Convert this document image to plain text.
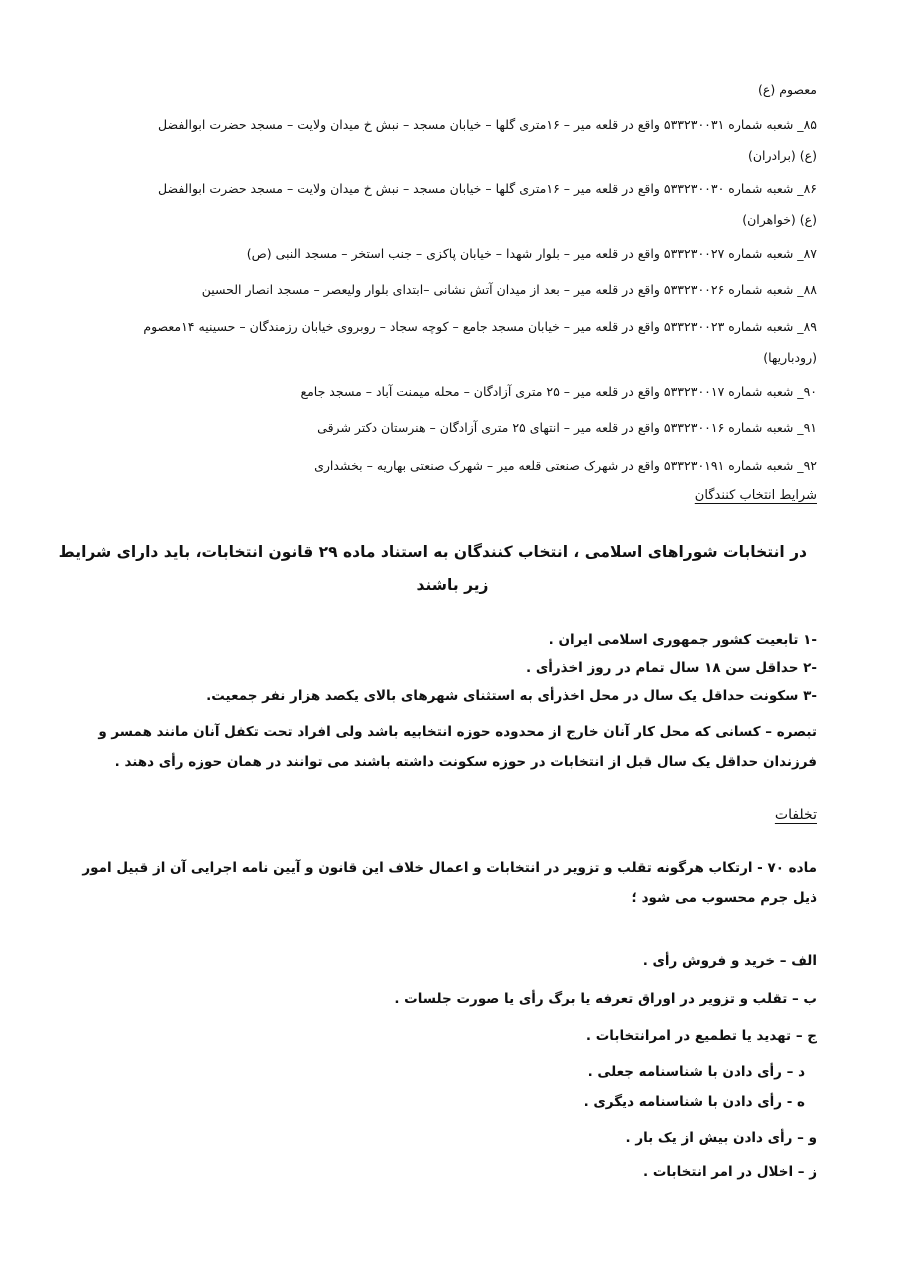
معصوم (ع)
۸۵_ شعبه شماره ۵۳۳۲۳۰۰۳۱ واقع در قلعه میر – ۱۶متری گلها – خیابان مسجد – نبش خ میدان ولایت – مسجد حضرت ابوالفضل
(ع) (برادران)
۸۶_ شعبه شماره ۵۳۳۲۳۰۰۳۰ واقع در قلعه میر – ۱۶متری گلها – خیابان مسجد – نبش خ میدان ولایت – مسجد حضرت ابوالفضل
(ع) (خواهران)
۸۷_ شعبه شماره ۵۳۳۲۳۰۰۲۷ واقع در قلعه میر – بلوار شهدا – خیابان پاکزی – جنب استخر – مسجد النبی (ص)
۸۸_ شعبه شماره ۵۳۳۲۳۰۰۲۶ واقع در قلعه میر – بعد از میدان آتش نشانی –ابتدای بلوار ولیعصر – مسجد انصار الحسین
۸۹_ شعبه شماره ۵۳۳۲۳۰۰۲۳ واقع در قلعه میر – خیابان مسجد جامع – کوچه سجاد – روبروی خیابان رزمندگان – حسینیه ۱۴معصوم
(رودباریها)
۹۰_ شعبه شماره ۵۳۳۲۳۰۰۱۷ واقع در قلعه میر – ۲۵ متری آزادگان – محله میمنت آباد – مسجد جامع
۹۱_ شعبه شماره ۵۳۳۲۳۰۰۱۶ واقع در قلعه میر – انتهای ۲۵ متری آزادگان – هنرستان دکتر شرقی
۹۲_ شعبه شماره ۵۳۳۲۳۰۱۹۱ واقع در شهرک صنعتی قلعه میر – شهرک صنعتی بهاریه – بخشداری
شرایط انتخاب کنندگان
در انتخابات شوراهای اسلامی ، انتخاب کنندگان به استناد ماده ۲۹ قانون انتخابات، باید دارای شرایط
زیر باشند
-۱ تابعیت کشور جمهوری اسلامی ایران .
-۲ حداقل سن ۱۸ سال تمام در روز اخذرأی .
-۳ سکونت حداقل یک سال در محل اخذرأی به استثنای شهرهای بالای یکصد هزار نفر جمعیت.
تبصره – کسانی که محل کار آنان خارج از محدوده حوزه انتخابیه باشد ولی افراد تحت تکفل آنان مانند همسر و
فرزندان حداقل یک سال قبل از انتخابات در حوزه سکونت داشته باشند می توانند در همان حوزه رأی دهند .
تخلفات
ماده ۷۰ - ارتکاب هرگونه تقلب و تزویر در انتخابات و اعمال خلاف این قانون و آیین نامه اجرایی آن از قبیل امور
ذیل جرم محسوب می شود ؛
الف – خرید و فروش رأی .
ب – تقلب و تزویر در اوراق تعرفه یا برگ رأی یا صورت جلسات .
ج – تهدید یا تطمیع در امرانتخابات .
د – رأی دادن با شناسنامه جعلی .
ه - رأی دادن با شناسنامه دیگری .
و – رأی دادن بیش از یک بار .
ز – اخلال در امر انتخابات .
